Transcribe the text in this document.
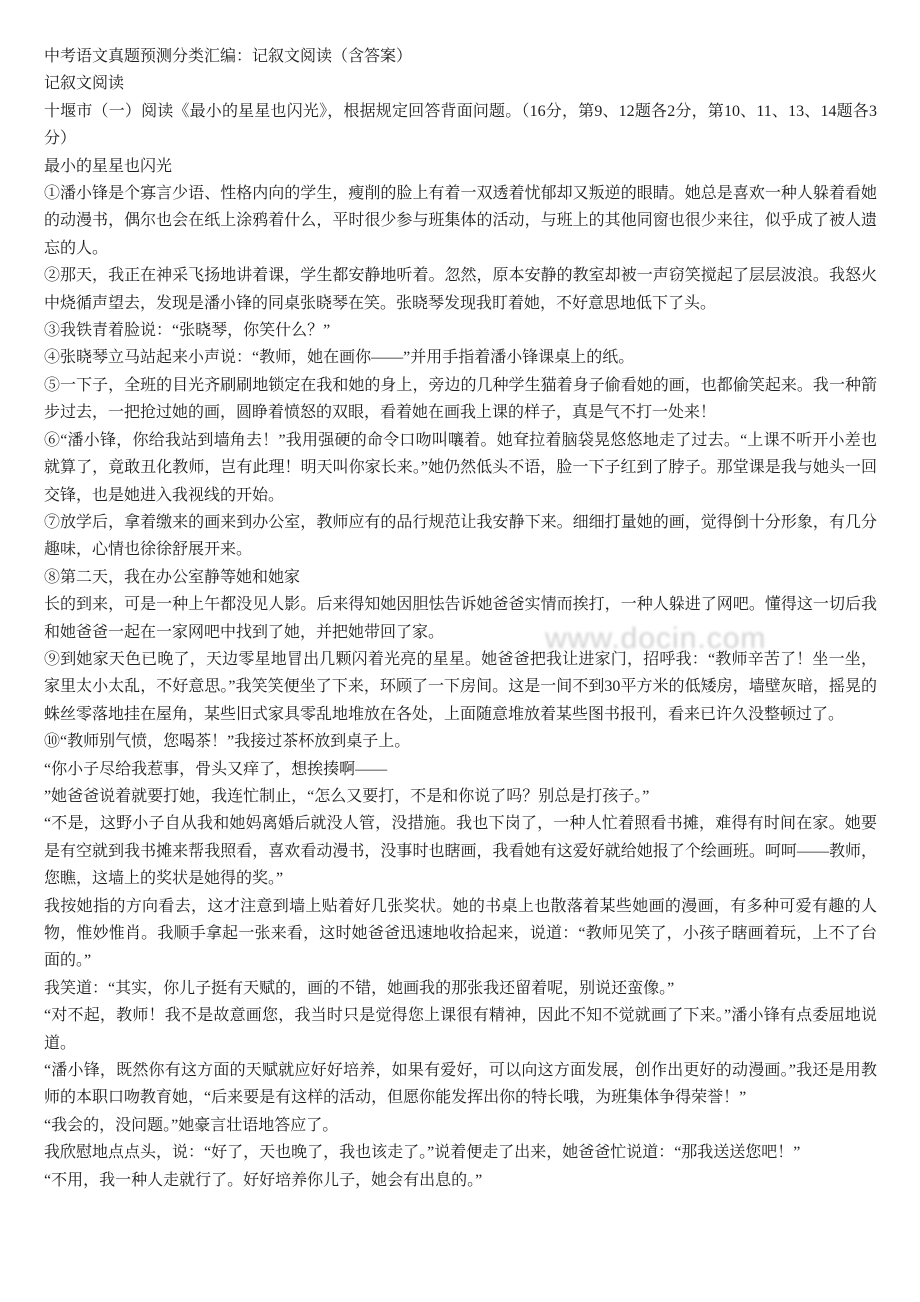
中考语文真题预测分类汇编：记叙文阅读（含答案）

记叙文阅读

十堰市（一）阅读《最小的星星也闪光》，根据规定回答背面问题。（16分，第9、12题各2分，第10、11、13、14题各3分）

最小的星星也闪光

①潘小锋是个寡言少语、性格内向的学生，瘦削的脸上有着一双透着忧郁却又叛逆的眼睛。她总是喜欢一种人躲着看她的动漫书，偶尔也会在纸上涂鸦着什么，平时很少参与班集体的活动，与班上的其他同窗也很少来往，似乎成了被人遗忘的人。

②那天，我正在神采飞扬地讲着课，学生都安静地听着。忽然，原本安静的教室却被一声窃笑搅起了层层波浪。我怒火中烧循声望去，发现是潘小锋的同桌张晓琴在笑。张晓琴发现我盯着她，不好意思地低下了头。

③我铁青着脸说：“张晓琴，你笑什么？”

④张晓琴立马站起来小声说：“教师，她在画你——”并用手指着潘小锋课桌上的纸。

⑤一下子，全班的目光齐刷刷地锁定在我和她的身上，旁边的几种学生猫着身子偷看她的画，也都偷笑起来。我一种箭步过去，一把抢过她的画，圆睁着愤怒的双眼，看着她在画我上课的样子，真是气不打一处来！

⑥“潘小锋，你给我站到墙角去！”我用强硬的命令口吻叫嚷着。她耷拉着脑袋晃悠悠地走了过去。“上课不听开小差也就算了，竟敢丑化教师，岂有此理！明天叫你家长来。”她仍然低头不语，脸一下子红到了脖子。那堂课是我与她头一回交锋，也是她进入我视线的开始。

⑦放学后，拿着缴来的画来到办公室，教师应有的品行规范让我安静下来。细细打量她的画，觉得倒十分形象，有几分趣味，心情也徐徐舒展开来。

⑧第二天，我在办公室静等她和她家

长的到来，可是一种上午都没见人影。后来得知她因胆怯告诉她爸爸实情而挨打，一种人躲进了网吧。懂得这一切后我和她爸爸一起在一家网吧中找到了她，并把她带回了家。

⑨到她家天色已晚了，天边零星地冒出几颗闪着光亮的星星。她爸爸把我让进家门，招呼我：“教师辛苦了！坐一坐，家里太小太乱，不好意思。”我笑笑便坐了下来，环顾了一下房间。这是一间不到30平方米的低矮房，墙壁灰暗，摇晃的蛛丝零落地挂在屋角，某些旧式家具零乱地堆放在各处，上面随意堆放着某些图书报刊，看来已许久没整顿过了。

⑩“教师别气愤，您喝茶！”我接过茶杯放到桌子上。

“你小子尽给我惹事，骨头又痒了，想挨揍啊——

”她爸爸说着就要打她，我连忙制止，“怎么又要打，不是和你说了吗？别总是打孩子。”

“不是，这野小子自从我和她妈离婚后就没人管，没措施。我也下岗了，一种人忙着照看书摊，难得有时间在家。她要是有空就到我书摊来帮我照看，喜欢看动漫书，没事时也瞎画，我看她有这爱好就给她报了个绘画班。呵呵——教师，您瞧，这墙上的奖状是她得的奖。”

我按她指的方向看去，这才注意到墙上贴着好几张奖状。她的书桌上也散落着某些她画的漫画，有多种可爱有趣的人物，惟妙惟肖。我顺手拿起一张来看，这时她爸爸迅速地收拾起来，说道：“教师见笑了，小孩子瞎画着玩，上不了台面的。”

我笑道：“其实，你儿子挺有天赋的，画的不错，她画我的那张我还留着呢，别说还蛮像。”

“对不起，教师！我不是故意画您，我当时只是觉得您上课很有精神，因此不知不觉就画了下来。”潘小锋有点委屈地说道。

“潘小锋，既然你有这方面的天赋就应好好培养，如果有爱好，可以向这方面发展，创作出更好的动漫画。”我还是用教师的本职口吻教育她，“后来要是有这样的活动，但愿你能发挥出你的特长哦，为班集体争得荣誉！”

“我会的，没问题。”她豪言壮语地答应了。

我欣慰地点点头，说：“好了，天也晚了，我也该走了。”说着便走了出来，她爸爸忙说道：“那我送送您吧！”

“不用，我一种人走就行了。好好培养你儿子，她会有出息的。”

www.docin.com
